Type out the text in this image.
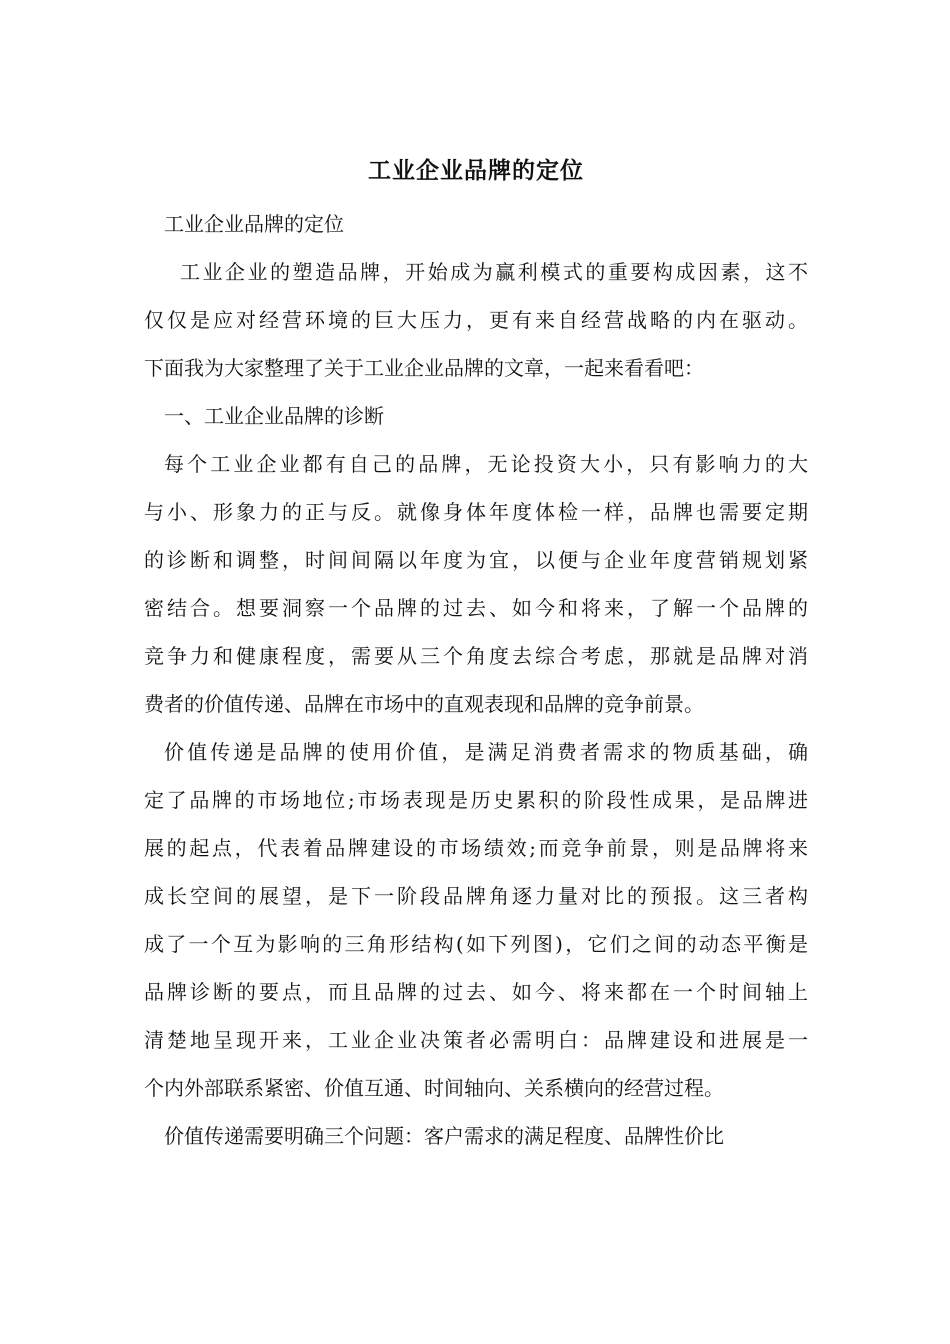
工业企业品牌的定位

工业企业品牌的定位

工业企业的塑造品牌，开始成为赢利模式的重要构成因素，这不

仅仅是应对经营环境的巨大压力，更有来自经营战略的内在驱动。

下面我为大家整理了关于工业企业品牌的文章，一起来看看吧：

一、工业企业品牌的诊断

每个工业企业都有自己的品牌，无论投资大小，只有影响力的大

与小、形象力的正与反。就像身体年度体检一样，品牌也需要定期

的诊断和调整，时间间隔以年度为宜，以便与企业年度营销规划紧

密结合。想要洞察一个品牌的过去、如今和将来，了解一个品牌的

竞争力和健康程度，需要从三个角度去综合考虑，那就是品牌对消

费者的价值传递、品牌在市场中的直观表现和品牌的竞争前景。

价值传递是品牌的使用价值，是满足消费者需求的物质基础，确

定了品牌的市场地位;市场表现是历史累积的阶段性成果，是品牌进

展的起点，代表着品牌建设的市场绩效;而竞争前景，则是品牌将来

成长空间的展望，是下一阶段品牌角逐力量对比的预报。这三者构

成了一个互为影响的三角形结构(如下列图)，它们之间的动态平衡是

品牌诊断的要点，而且品牌的过去、如今、将来都在一个时间轴上

清楚地呈现开来，工业企业决策者必需明白：品牌建设和进展是一

个内外部联系紧密、价值互通、时间轴向、关系横向的经营过程。

价值传递需要明确三个问题：客户需求的满足程度、品牌性价比
